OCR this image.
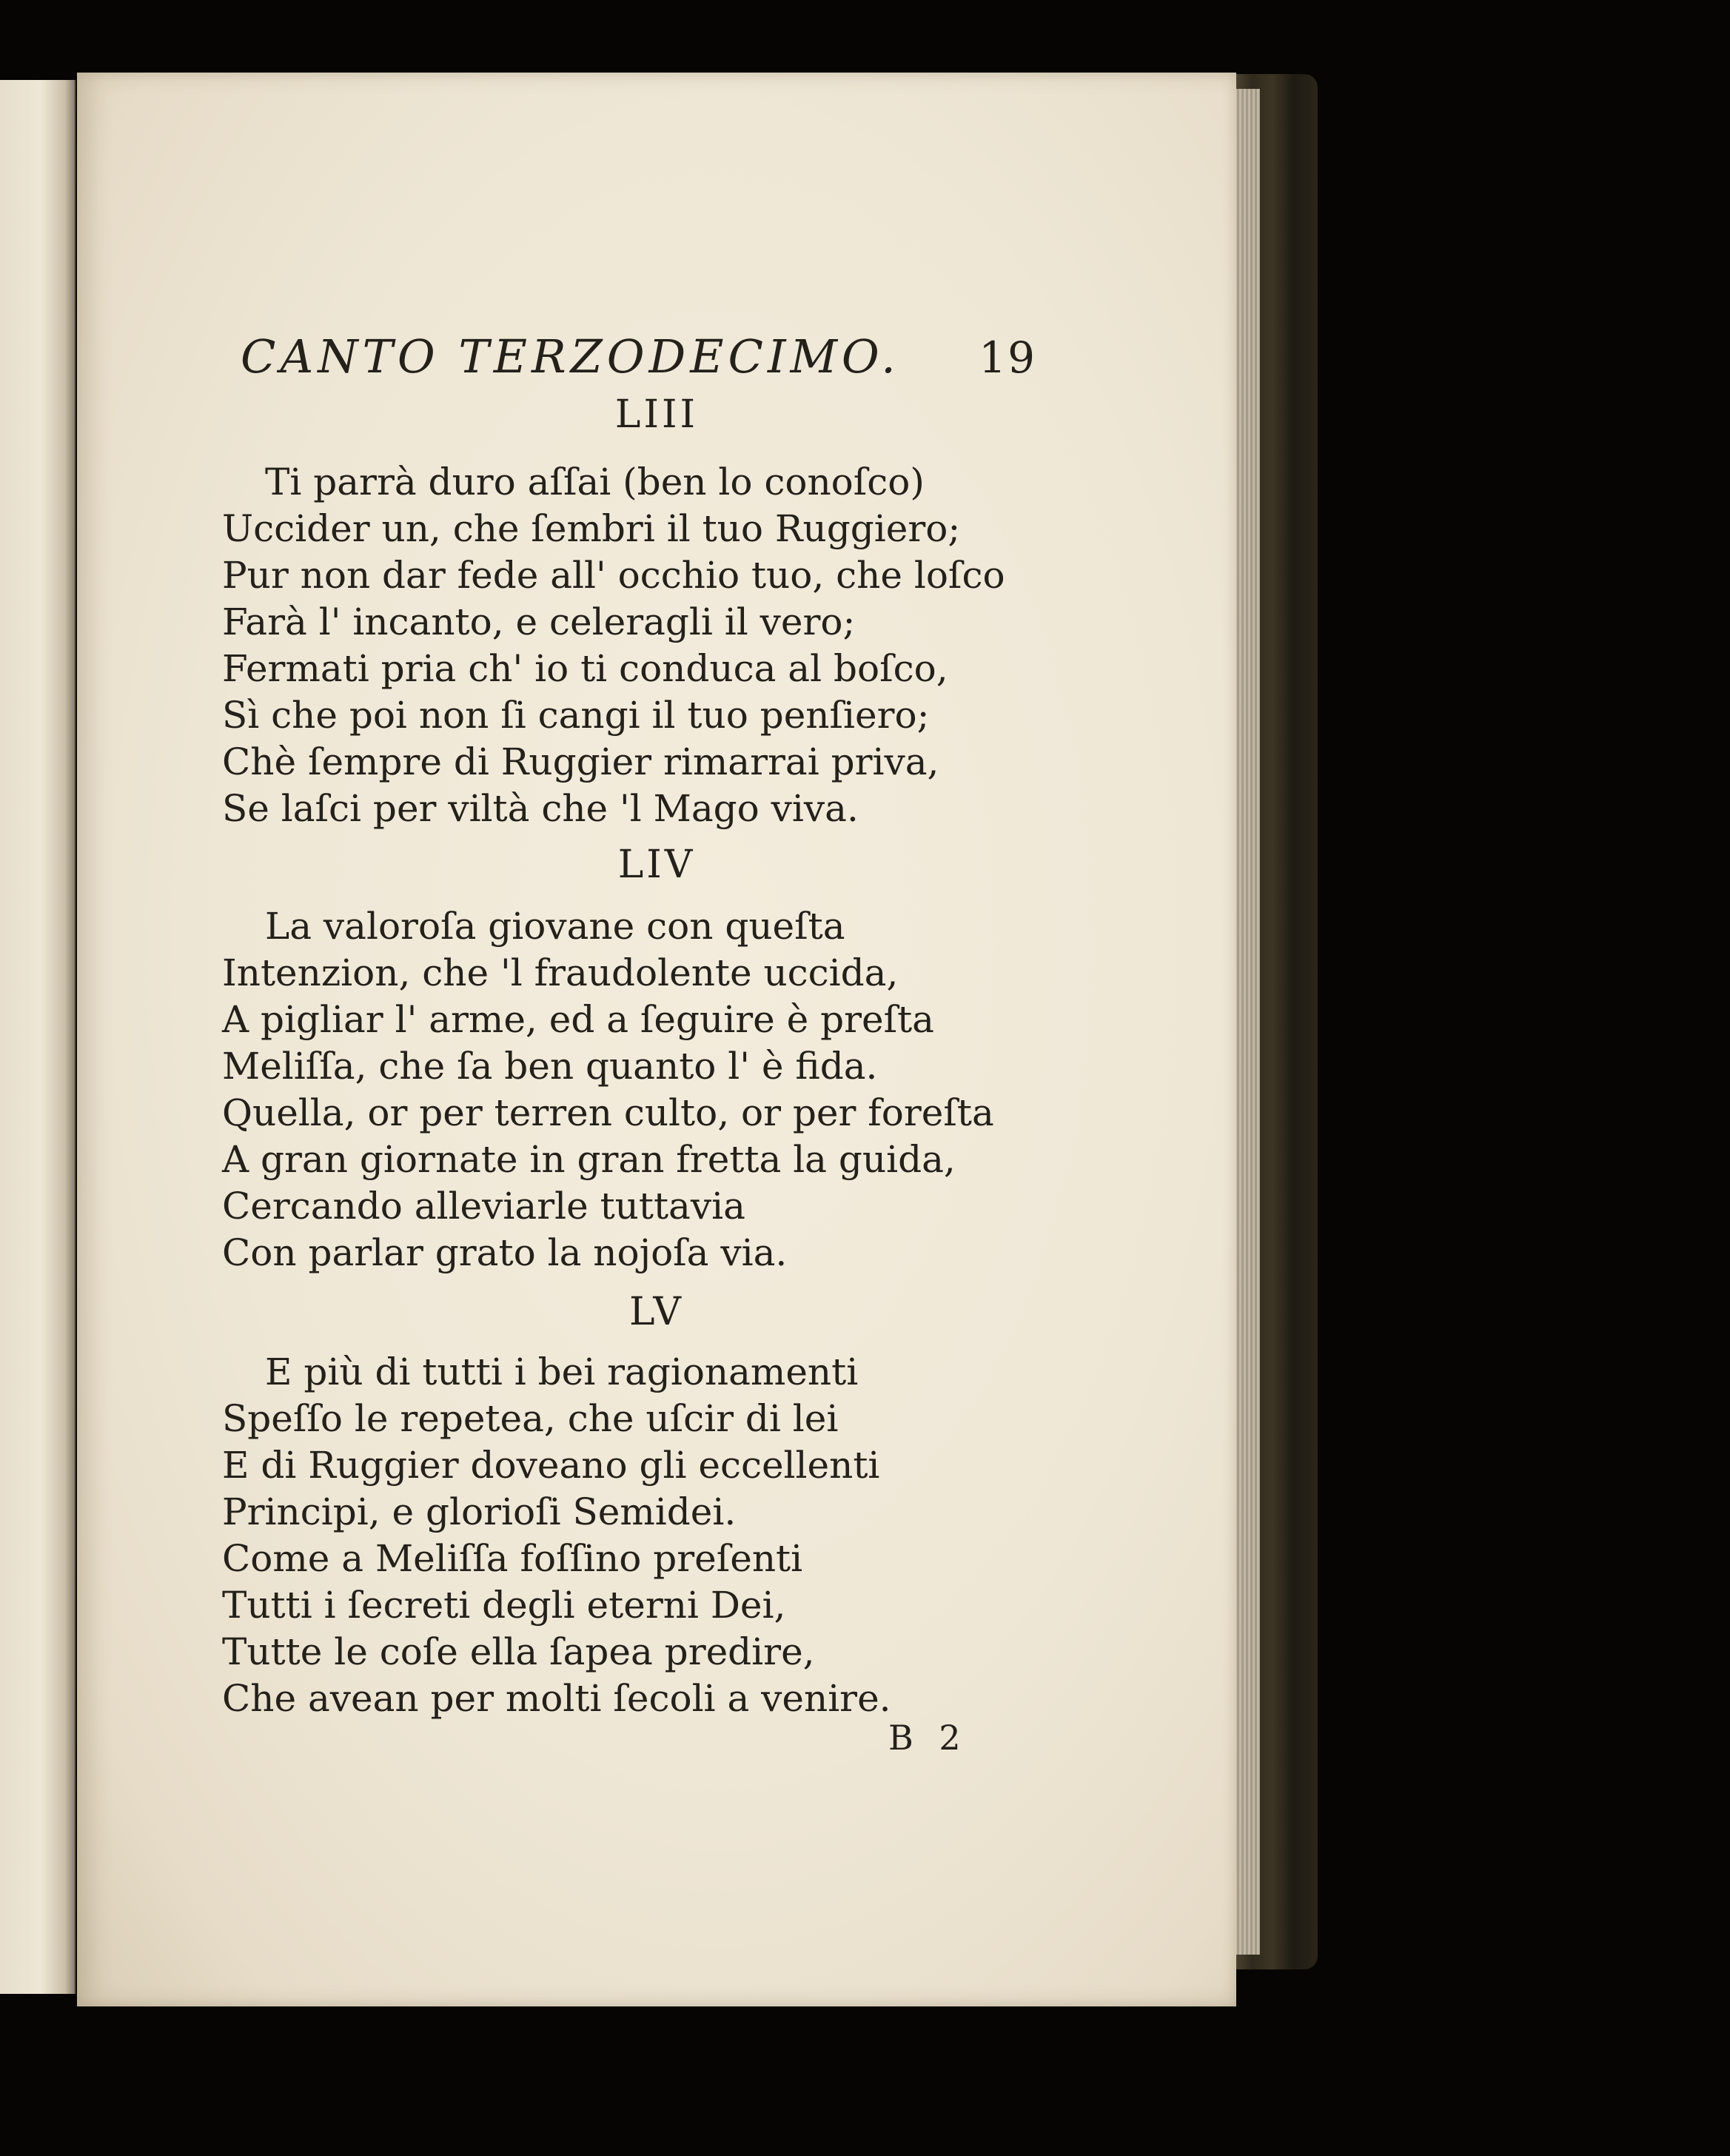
CANTO TERZODECIMO. 19
LIII
Ti parrà duro aſſai (ben lo conoſco)
Uccider un, che ſembri il tuo Ruggiero;
Pur non dar fede all' occhio tuo, che loſco
Farà l' incanto, e celeragli il vero;
Fermati pria ch' io ti conduca al boſco,
Sì che poi non ſi cangi il tuo penſiero;
Chè ſempre di Ruggier rimarrai priva,
Se laſci per viltà che 'l Mago viva.
LIV
La valoroſa giovane con queſta
Intenzion, che 'l fraudolente uccida,
A pigliar l' arme, ed a ſeguire è preſta
Meliſſa, che ſa ben quanto l' è fida.
Quella, or per terren culto, or per foreſta
A gran giornate in gran fretta la guida,
Cercando alleviarle tuttavia
Con parlar grato la nojoſa via.
LV
E più di tutti i bei ragionamenti
Speſſo le repetea, che uſcir di lei
E di Ruggier doveano gli eccellenti
Principi, e glorioſi Semidei.
Come a Meliſſa foſſino preſenti
Tutti i ſecreti degli eterni Dei,
Tutte le coſe ella ſapea predire,
Che avean per molti ſecoli a venire.
B 2
